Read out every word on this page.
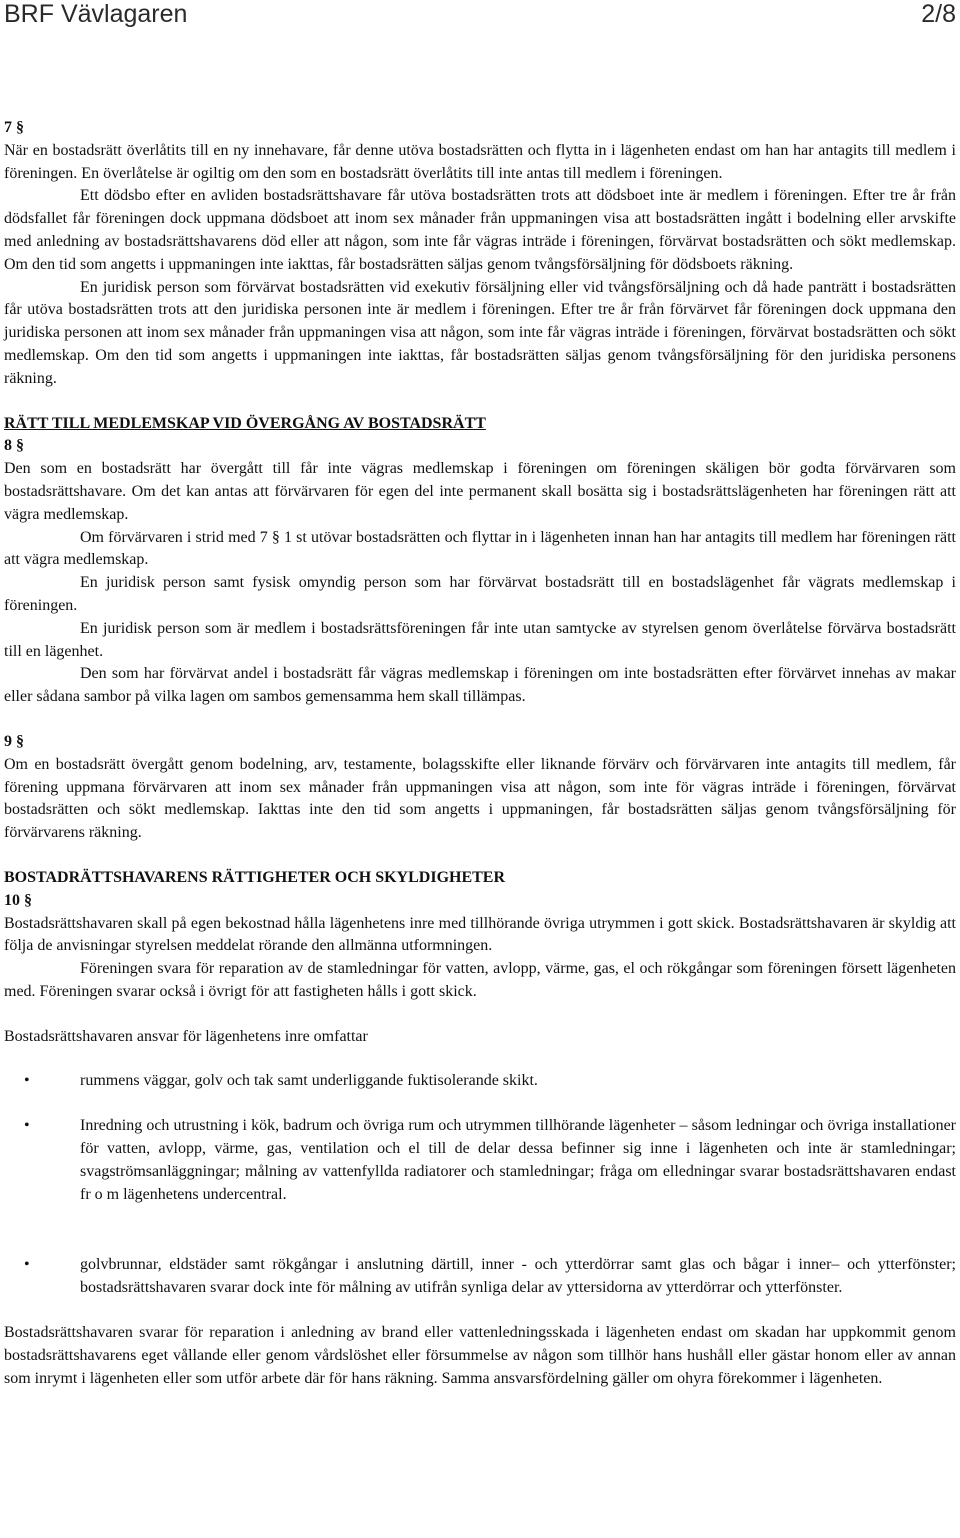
BRF Vävlagaren	2/8

7 §

När en bostadsrätt överlåtits till en ny innehavare, får denne utöva bostadsrätten och flytta in i lägenheten endast om han har antagits till medlem i föreningen. En överlåtelse är ogiltig om den som en bostadsrätt överlåtits till inte antas till medlem i föreningen.

Ett dödsbo efter en avliden bostadsrättshavare får utöva bostadsrätten trots att dödsboet inte är medlem i föreningen. Efter tre år från dödsfallet får föreningen dock uppmana dödsboet att inom sex månader från uppmaningen visa att bostadsrätten ingått i bodelning eller arvskifte med anledning av bostadsrättshavarens död eller att någon, som inte får vägras inträde i föreningen, förvärvat bostadsrätten och sökt medlemskap. Om den tid som angetts i uppmaningen inte iakttas, får bostadsrätten säljas genom tvångsförsäljning för dödsboets räkning.

En juridisk person som förvärvat bostadsrätten vid exekutiv försäljning eller vid tvångsförsäljning och då hade panträtt i bostadsrätten får utöva bostadsrätten trots att den juridiska personen inte är medlem i föreningen. Efter tre år från förvärvet får föreningen dock uppmana den juridiska personen att inom sex månader från uppmaningen visa att någon, som inte får vägras inträde i föreningen, förvärvat bostadsrätten och sökt medlemskap. Om den tid som angetts i uppmaningen inte iakttas, får bostadsrätten säljas genom tvångsförsäljning för den juridiska personens räkning.

RÄTT TILL MEDLEMSKAP VID ÖVERGÅNG AV BOSTADSRÄTT

8 §

Den som en bostadsrätt har övergått till får inte vägras medlemskap i föreningen om föreningen skäligen bör godta förvärvaren som bostadsrättshavare. Om det kan antas att förvärvaren för egen del inte permanent skall bosätta sig i bostadsrättslägenheten har föreningen rätt att vägra medlemskap.

Om förvärvaren i strid med 7 § 1 st utövar bostadsrätten och flyttar in i lägenheten innan han har antagits till medlem har föreningen rätt att vägra medlemskap.

En juridisk person samt fysisk omyndig person som har förvärvat bostadsrätt till en bostadslägenhet får vägrats medlemskap i föreningen.

En juridisk person som är medlem i bostadsrättsföreningen får inte utan samtycke av styrelsen genom överlåtelse förvärva bostadsrätt till en lägenhet.

Den som har förvärvat andel i bostadsrätt får vägras medlemskap i föreningen om inte bostadsrätten efter förvärvet innehas av makar eller sådana sambor på vilka lagen om sambos gemensamma hem skall tillämpas.

9 §

Om en bostadsrätt övergått genom bodelning, arv, testamente, bolagsskifte eller liknande förvärv och förvärvaren inte antagits till medlem, får förening uppmana förvärvaren att inom sex månader från uppmaningen visa att någon, som inte för vägras inträde i föreningen, förvärvat bostadsrätten och sökt medlemskap. Iakttas inte den tid som angetts i uppmaningen, får bostadsrätten säljas genom tvångsförsäljning för förvärvarens räkning.

BOSTADRÄTTSHAVARENS RÄTTIGHETER OCH SKYLDIGHETER

10 §

Bostadsrättshavaren skall på egen bekostnad hålla lägenhetens inre med tillhörande övriga utrymmen i gott skick. Bostadsrättshavaren är skyldig att följa de anvisningar styrelsen meddelat rörande den allmänna utformningen.

Föreningen svara för reparation av de stamledningar för vatten, avlopp, värme, gas, el och rökgångar som föreningen försett lägenheten med. Föreningen svarar också i övrigt för att fastigheten hålls i gott skick.

Bostadsrättshavaren ansvar för lägenhetens inre omfattar

•	rummens väggar, golv och tak samt underliggande fuktisolerande skikt.
•	Inredning och utrustning i kök, badrum och övriga rum och utrymmen tillhörande lägenheter – såsom ledningar och övriga installationer för vatten, avlopp, värme, gas, ventilation och el till de delar dessa befinner sig inne i lägenheten och inte är stamledningar; svagströmsanläggningar; målning av vattenfyllda radiatorer och stamledningar; fråga om elledningar svarar bostadsrättshavaren endast fr o m lägenhetens undercentral.
•	golvbrunnar, eldstäder samt rökgångar i anslutning därtill, inner - och ytterdörrar samt glas och bågar i inner– och ytterfönster; bostadsrättshavaren svarar dock inte för målning av utifrån synliga delar av yttersidorna av ytterdörrar och ytterfönster.

Bostadsrättshavaren svarar för reparation i anledning av brand eller vattenledningsskada i lägenheten endast om skadan har uppkommit genom bostadsrättshavarens eget vållande eller genom vårdslöshet eller försummelse av någon som tillhör hans hushåll eller gästar honom eller av annan som inrymt i lägenheten eller som utför arbete där för hans räkning. Samma ansvarsfördelning gäller om ohyra förekommer i lägenheten.
